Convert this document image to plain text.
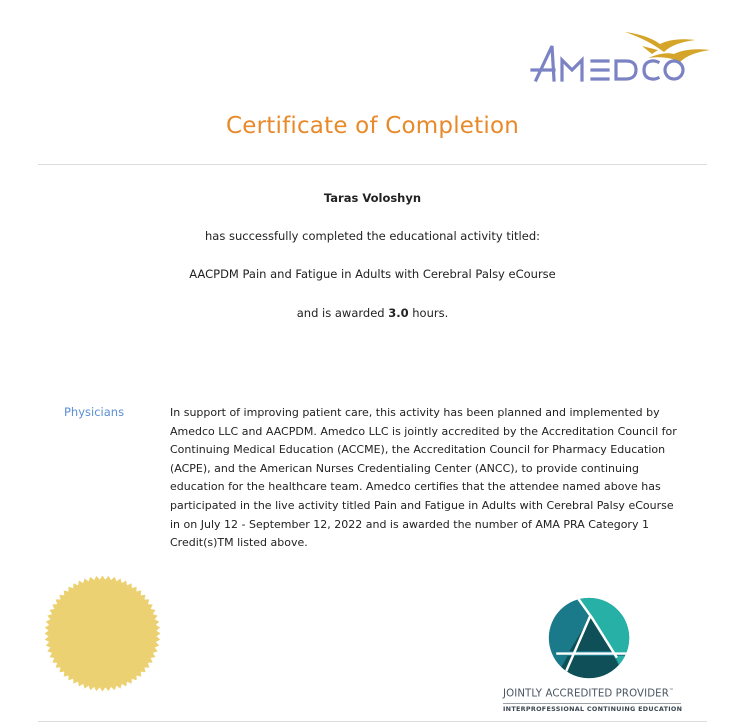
Certificate of Completion
Taras Voloshyn
has successfully completed the educational activity titled:
AACPDM Pain and Fatigue in Adults with Cerebral Palsy eCourse
and is awarded 3.0 hours.
Physicians	In support of improving patient care, this activity has been planned and implemented by Amedco LLC and AACPDM. Amedco LLC is jointly accredited by the Accreditation Council for Continuing Medical Education (ACCME), the Accreditation Council for Pharmacy Education (ACPE), and the American Nurses Credentialing Center (ANCC), to provide continuing education for the healthcare team. Amedco certifies that the attendee named above has participated in the live activity titled Pain and Fatigue in Adults with Cerebral Palsy eCourse in on July 12 - September 12, 2022 and is awarded the number of AMA PRA Category 1 Credit(s)TM listed above.
JOINTLY ACCREDITED PROVIDER™
INTERPROFESSIONAL CONTINUING EDUCATION
